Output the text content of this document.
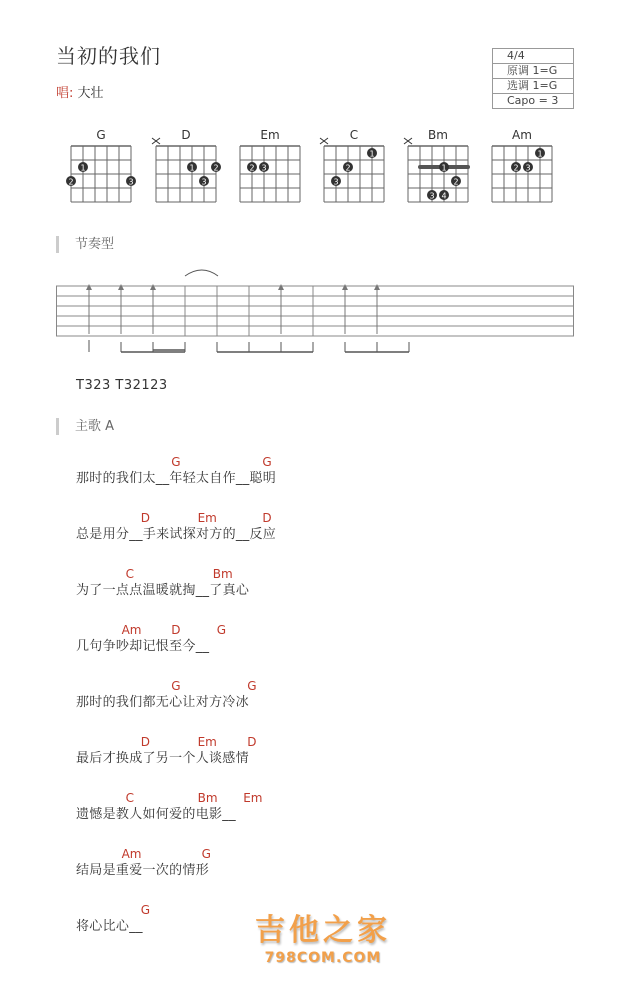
当初的我们
唱: 大壮
4/4
原调 1=G
选调 1=G
Capo = 3
G
1
2	3
D
1 2
3
Em
2 3
C
1
2
3
Bm
1
2
3 4
Am
1
2 3
节奏型
T323 T32123
主歌 A
G	G
那时的我们太__年轻太自作__聪明
D	Em	D
总是用分__手来试探对方的__反应
C	Bm
为了一点点温暖就掏__了真心
Am D	G
几句争吵却记恨至今__
G	G
那时的我们都无心让对方冷冰
D	Em	D
最后才换成了另一个人谈感情
C	Bm Em
遗憾是教人如何爱的电影__
Am	G
结局是重爱一次的情形
G
将心比心__	吉他之家
798COM.COM
